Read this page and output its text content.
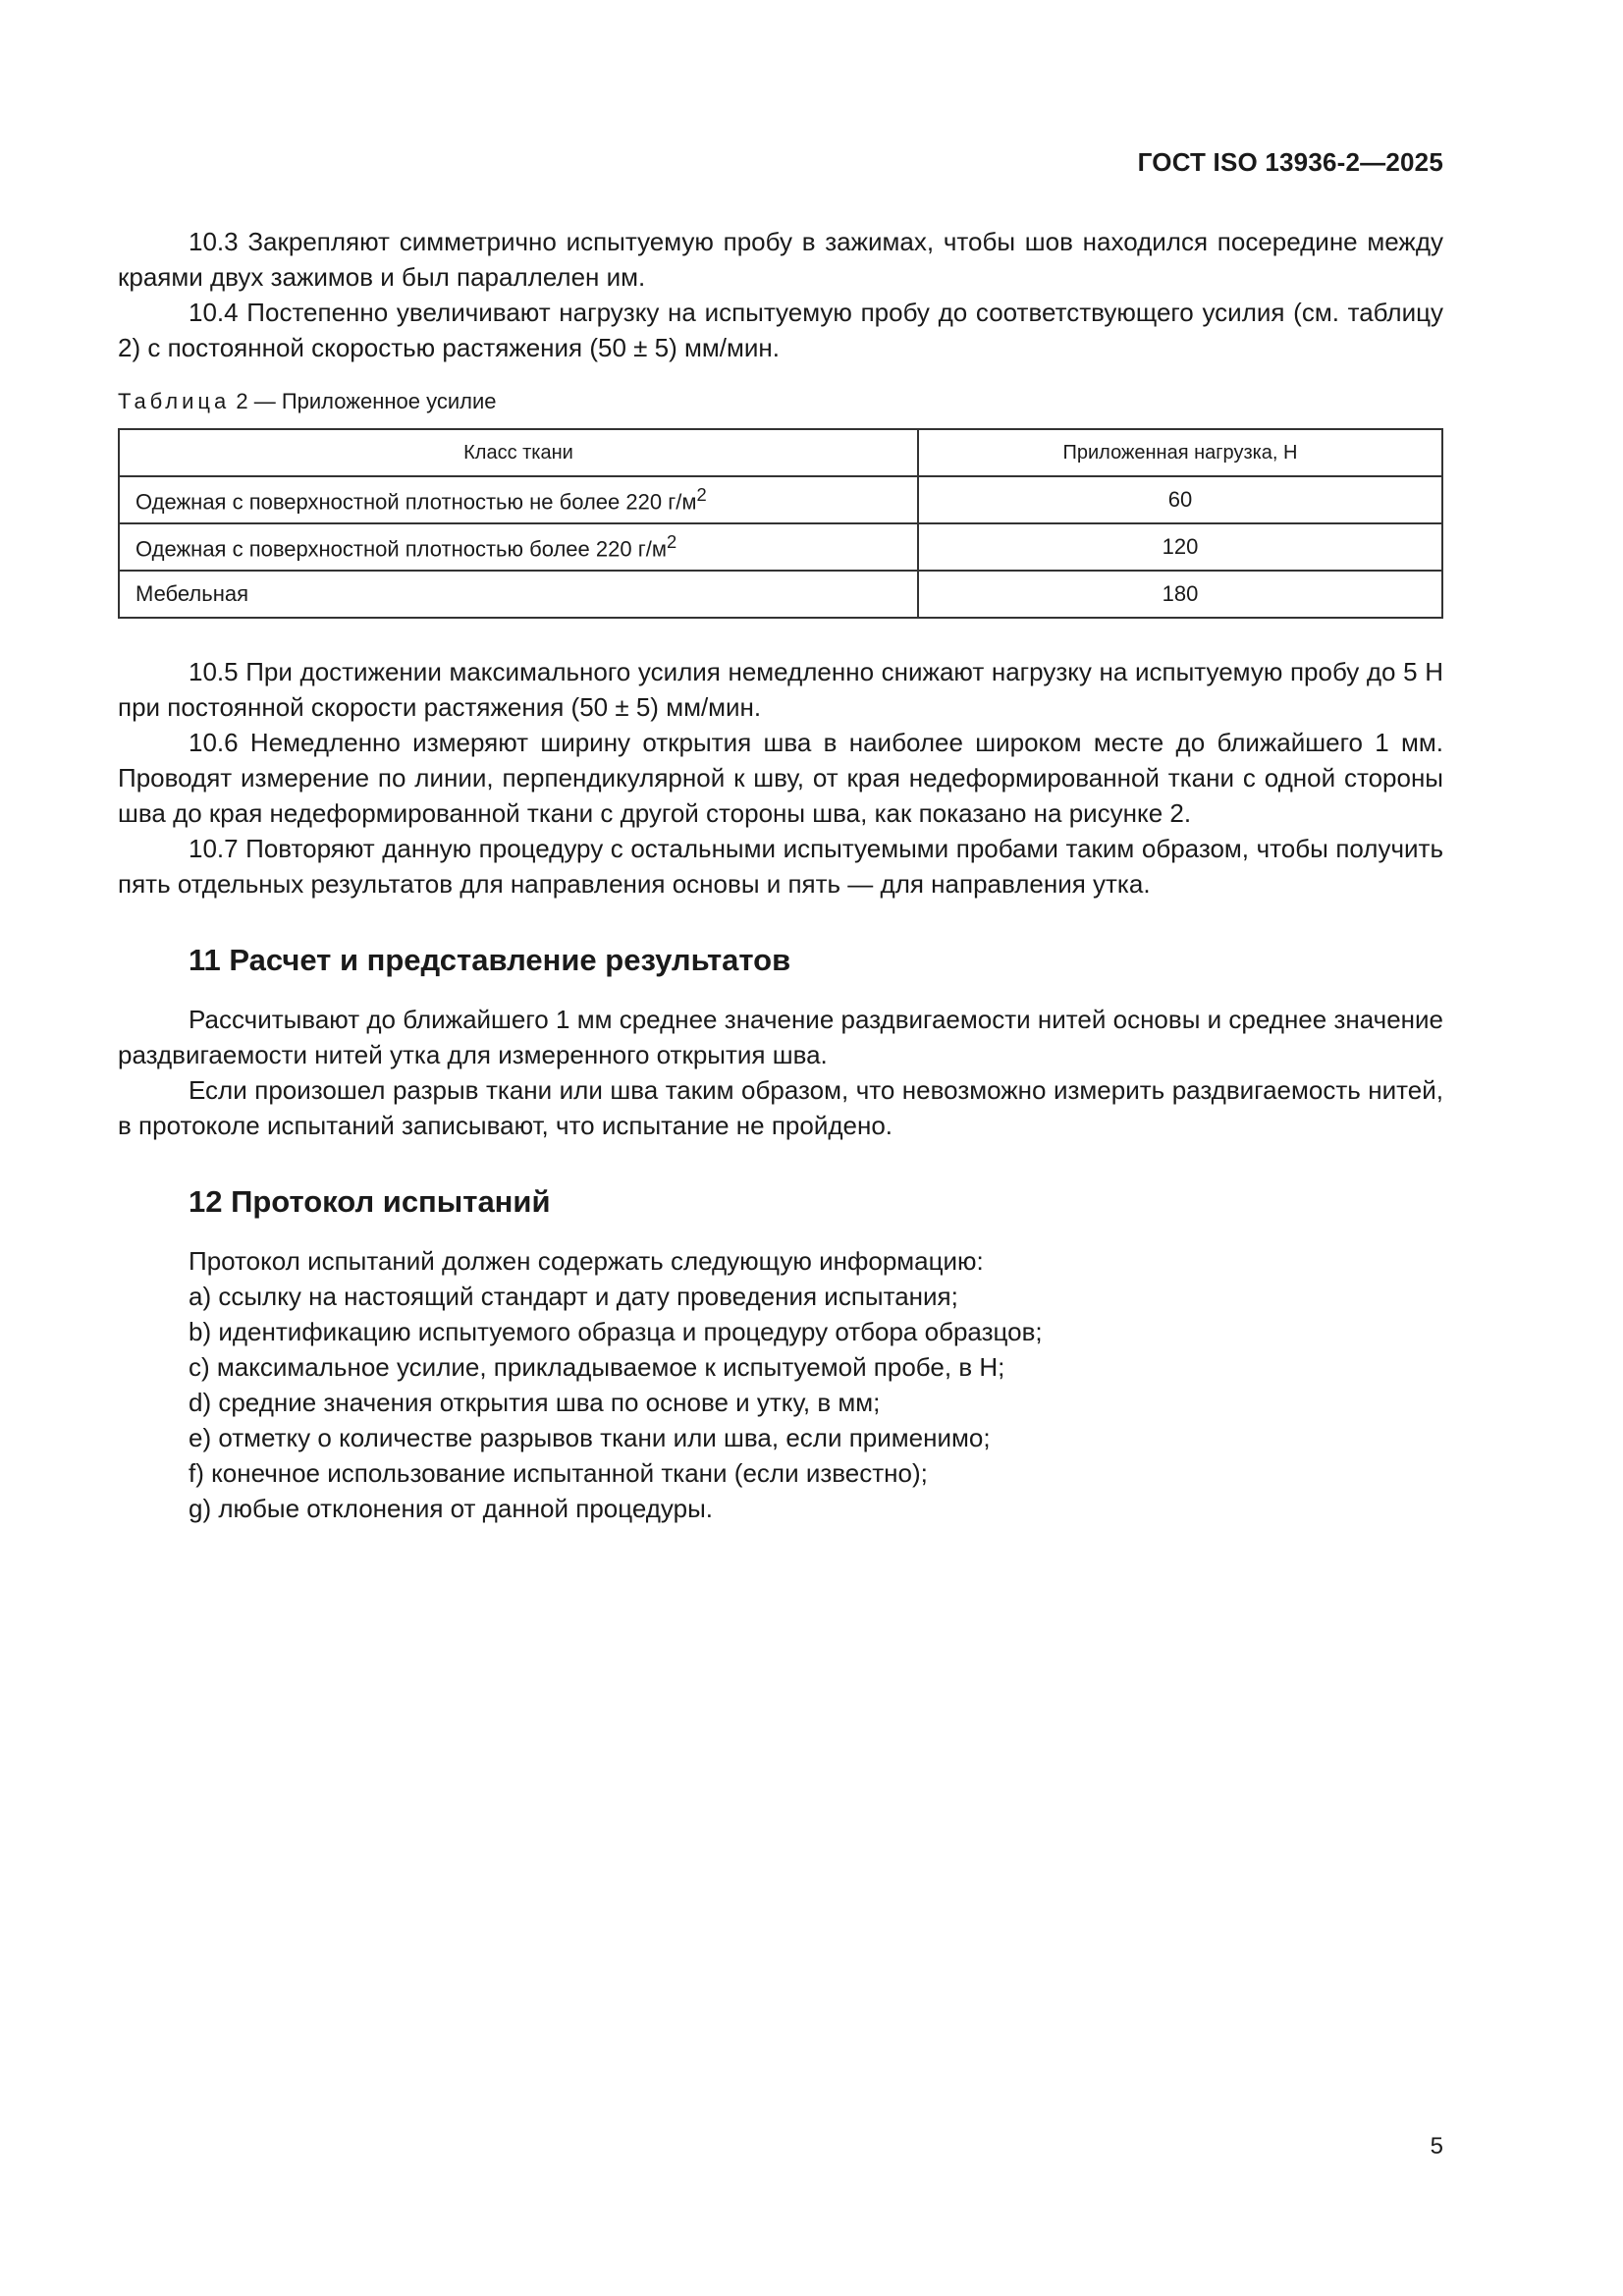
ГОСТ ISO 13936-2—2025

10.3 Закрепляют симметрично испытуемую пробу в зажимах, чтобы шов находился посередине между краями двух зажимов и был параллелен им.

10.4 Постепенно увеличивают нагрузку на испытуемую пробу до соответствующего усилия (см. таблицу 2) с постоянной скоростью растяжения (50 ± 5) мм/мин.

Таблица 2 — Приложенное усилие
Класс ткани	Приложенная нагрузка, Н
Одежная с поверхностной плотностью не более 220 $г/м^2$	60
Одежная с поверхностной плотностью более 220 $г/м^2$	120
Мебельная	180

10.5 При достижении максимального усилия немедленно снижают нагрузку на испытуемую пробу до 5 Н при постоянной скорости растяжения (50 ± 5) мм/мин.

10.6 Немедленно измеряют ширину открытия шва в наиболее широком месте до ближайшего 1 мм. Проводят измерение по линии, перпендикулярной к шву, от края недеформированной ткани с одной стороны шва до края недеформированной ткани с другой стороны шва, как показано на рисунке 2.

10.7 Повторяют данную процедуру с остальными испытуемыми пробами таким образом, чтобы получить пять отдельных результатов для направления основы и пять — для направления утка.

11 Расчет и представление результатов

Рассчитывают до ближайшего 1 мм среднее значение раздвигаемости нитей основы и среднее значение раздвигаемости нитей утка для измеренного открытия шва.

Если произошел разрыв ткани или шва таким образом, что невозможно измерить раздвигаемость нитей, в протоколе испытаний записывают, что испытание не пройдено.

12 Протокол испытаний

Протокол испытаний должен содержать следующую информацию:

a) ссылку на настоящий стандарт и дату проведения испытания;
b) идентификацию испытуемого образца и процедуру отбора образцов;
c) максимальное усилие, прикладываемое к испытуемой пробе, в Н;
d) средние значения открытия шва по основе и утку, в мм;
e) отметку о количестве разрывов ткани или шва, если применимо;
f) конечное использование испытанной ткани (если известно);
g) любые отклонения от данной процедуры.
5
